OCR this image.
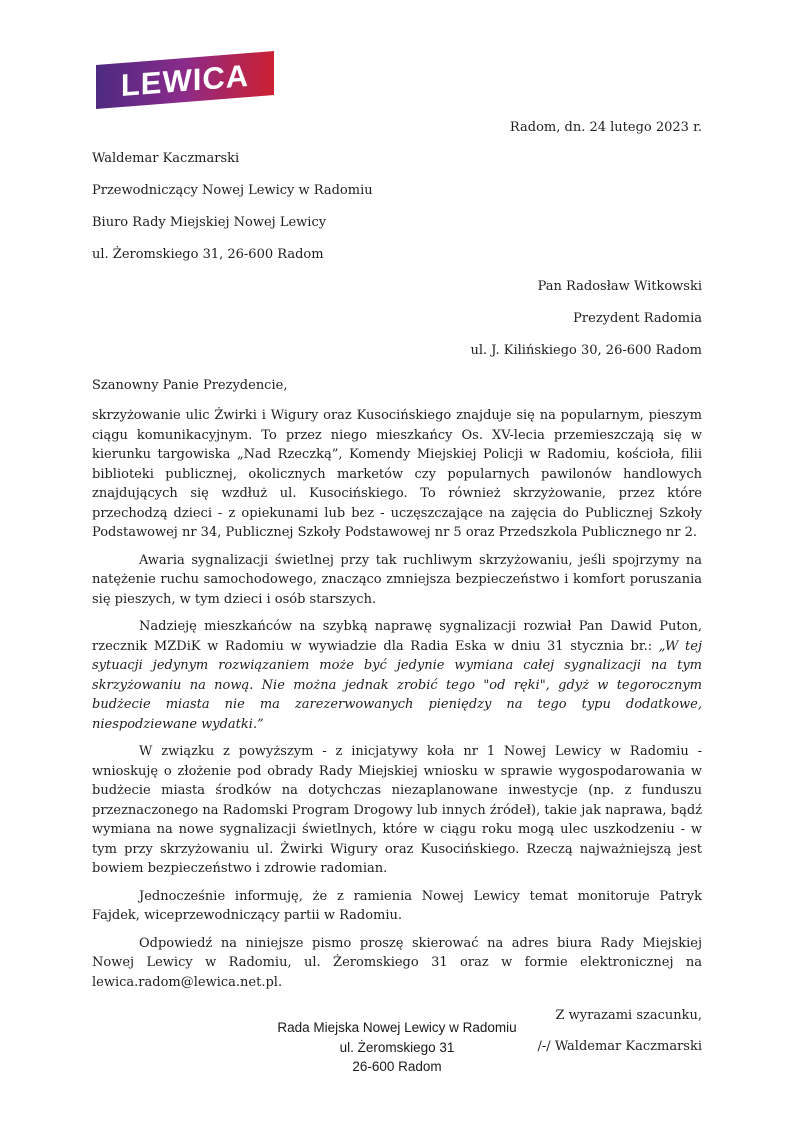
LEWICA
Radom, dn. 24 lutego 2023 r.
Waldemar Kaczmarski
Przewodniczący Nowej Lewicy w Radomiu
Biuro Rady Miejskiej Nowej Lewicy
ul. Żeromskiego 31, 26-600 Radom
Pan Radosław Witkowski
Prezydent Radomia
ul. J. Kilińskiego 30, 26-600 Radom
Szanowny Panie Prezydencie,

skrzyżowanie ulic Żwirki i Wigury oraz Kusocińskiego znajduje się na popularnym, pieszym ciągu komunikacyjnym. To przez niego mieszkańcy Os. XV-lecia przemieszczają się w kierunku targowiska „Nad Rzeczką”, Komendy Miejskiej Policji w Radomiu, kościoła, filii biblioteki publicznej, okolicznych marketów czy popularnych pawilonów handlowych znajdujących się wzdłuż ul. Kusocińskiego. To również skrzyżowanie, przez które przechodzą dzieci - z opiekunami lub bez - uczęszczające na zajęcia do Publicznej Szkoły Podstawowej nr 34, Publicznej Szkoły Podstawowej nr 5 oraz Przedszkola Publicznego nr 2.

Awaria sygnalizacji świetlnej przy tak ruchliwym skrzyżowaniu, jeśli spojrzymy na natężenie ruchu samochodowego, znacząco zmniejsza bezpieczeństwo i komfort poruszania się pieszych, w tym dzieci i osób starszych.

Nadzieję mieszkańców na szybką naprawę sygnalizacji rozwiał Pan Dawid Puton, rzecznik MZDiK w Radomiu w wywiadzie dla Radia Eska w dniu 31 stycznia br.: „W tej sytuacji jedynym rozwiązaniem może być jedynie wymiana całej sygnalizacji na tym skrzyżowaniu na nową. Nie można jednak zrobić tego "od ręki", gdyż w tegorocznym budżecie miasta nie ma zarezerwowanych pieniędzy na tego typu dodatkowe, niespodziewane wydatki.”

W związku z powyższym - z inicjatywy koła nr 1 Nowej Lewicy w Radomiu - wnioskuję o złożenie pod obrady Rady Miejskiej wniosku w sprawie wygospodarowania w budżecie miasta środków na dotychczas niezaplanowane inwestycje (np. z funduszu przeznaczonego na Radomski Program Drogowy lub innych źródeł), takie jak naprawa, bądź wymiana na nowe sygnalizacji świetlnych, które w ciągu roku mogą ulec uszkodzeniu - w tym przy skrzyżowaniu ul. Żwirki Wigury oraz Kusocińskiego. Rzeczą najważniejszą jest bowiem bezpieczeństwo i zdrowie radomian.

Jednocześnie informuję, że z ramienia Nowej Lewicy temat monitoruje Patryk Fajdek, wiceprzewodniczący partii w Radomiu.

Odpowiedź na niniejsze pismo proszę skierować na adres biura Rady Miejskiej Nowej Lewicy w Radomiu, ul. Żeromskiego 31 oraz w formie elektronicznej na lewica.radom@lewica.net.pl.

Z wyrazami szacunku,
/-/ Waldemar Kaczmarski
Rada Miejska Nowej Lewicy w Radomiu
ul. Żeromskiego 31
26-600 Radom
